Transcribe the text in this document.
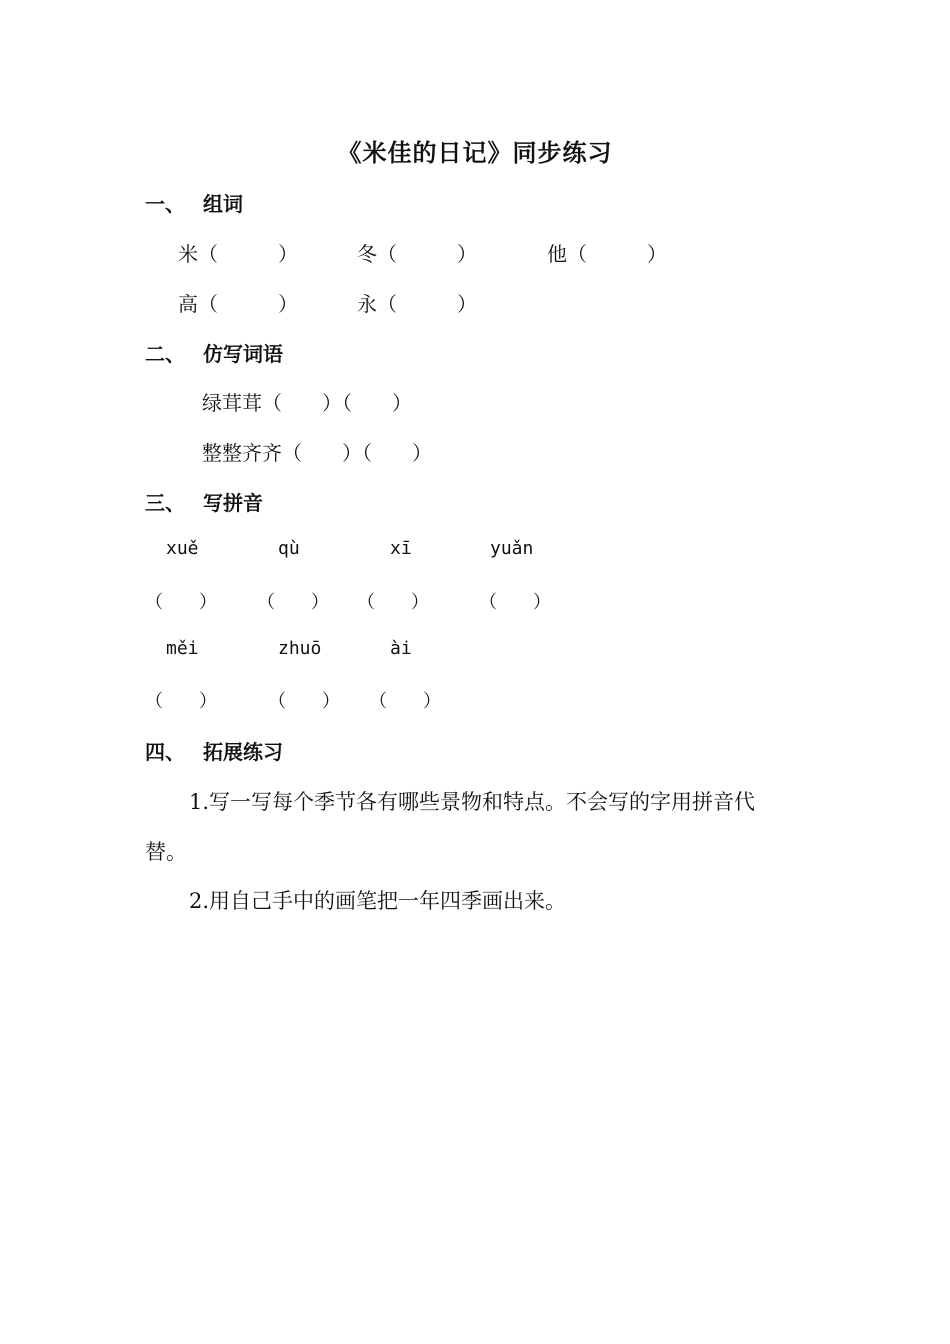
《米佳的日记》同步练习
一、 组词
米（　　　）	冬（　　　）	他（　　　）
高（　　　）	永（　　　）
二、 仿写词语
绿茸茸（　　）（　　）
整整齐齐（　　）（　　）
三、 写拼音
xuě	qù	xī	yuǎn
（　　） （　　） （　　）	（　　）
měi	zhuō	ài
（　　）	（　　） （　　）
四、 拓展练习
1.写一写每个季节各有哪些景物和特点。不会写的字用拼音代
替。
2.用自己手中的画笔把一年四季画出来。
